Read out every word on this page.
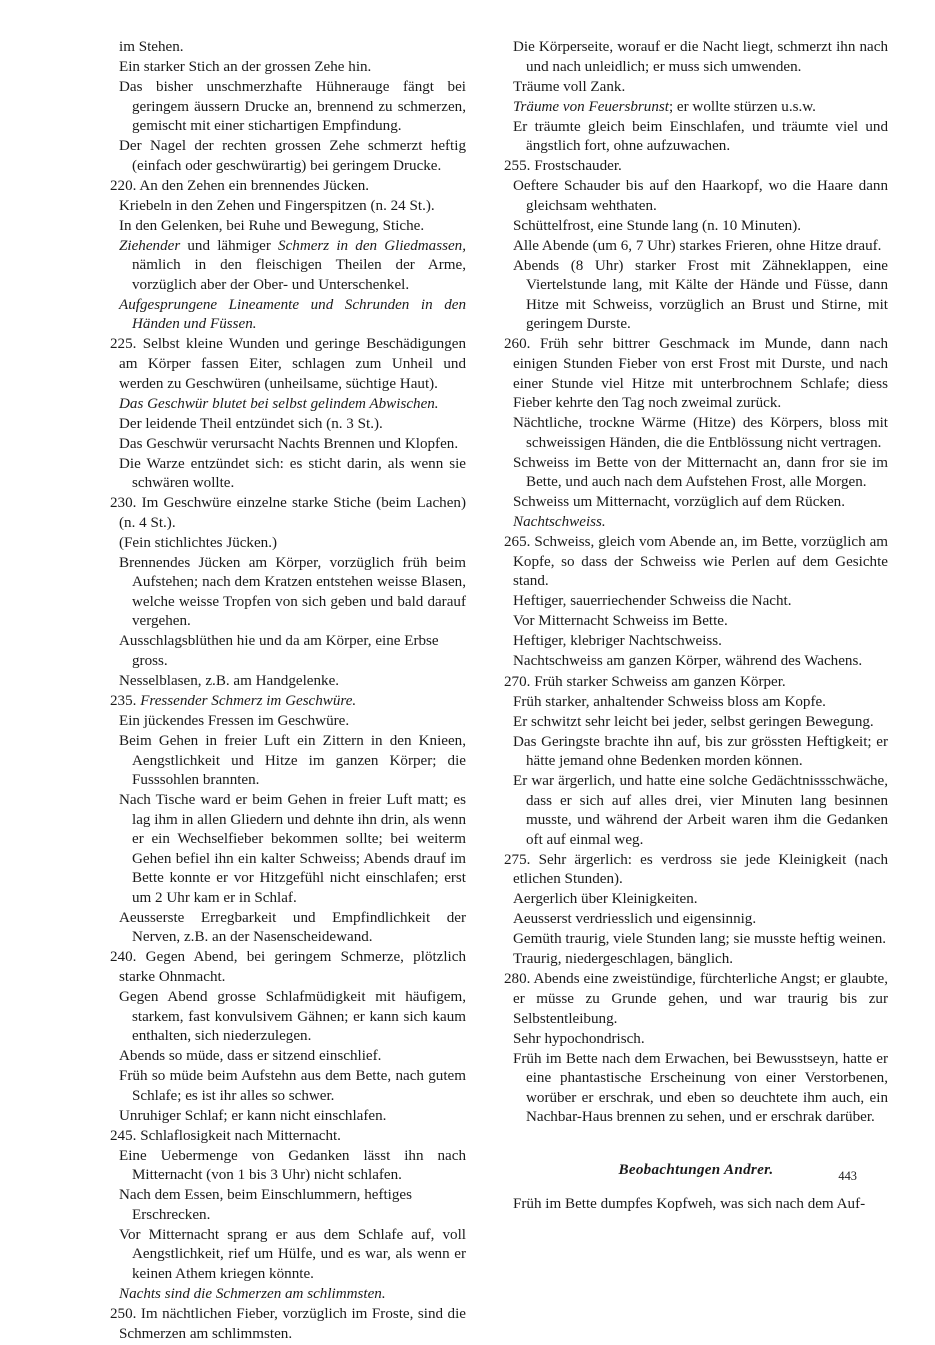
im Stehen.

Ein starker Stich an der grossen Zehe hin.

Das bisher unschmerzhafte Hühnerauge fängt bei geringem äussern Drucke an, brennend zu schmerzen, gemischt mit einer stichartigen Empfindung.

Der Nagel der rechten grossen Zehe schmerzt heftig (einfach oder geschwürartig) bei geringem Drucke.

220. An den Zehen ein brennendes Jücken.

Kriebeln in den Zehen und Fingerspitzen (n. 24 St.).

In den Gelenken, bei Ruhe und Bewegung, Stiche.

Ziehender und lähmiger Schmerz in den Gliedmassen, nämlich in den fleischigen Theilen der Arme, vorzüglich aber der Ober- und Unterschenkel.

Aufgesprungene Lineamente und Schrunden in den Händen und Füssen.

225. Selbst kleine Wunden und geringe Beschädigungen am Körper fassen Eiter, schlagen zum Unheil und werden zu Geschwüren (unheilsame, süchtige Haut).

Das Geschwür blutet bei selbst gelindem Abwischen.

Der leidende Theil entzündet sich (n. 3 St.).

Das Geschwür verursacht Nachts Brennen und Klopfen.

Die Warze entzündet sich: es sticht darin, als wenn sie schwären wollte.

230. Im Geschwüre einzelne starke Stiche (beim Lachen) (n. 4 St.).

(Fein stichlichtes Jücken.)

Brennendes Jücken am Körper, vorzüglich früh beim Aufstehen; nach dem Kratzen entstehen weisse Blasen, welche weisse Tropfen von sich geben und bald darauf vergehen.

Ausschlagsblüthen hie und da am Körper, eine Erbse gross.

Nesselblasen, z.B. am Handgelenke.

235. Fressender Schmerz im Geschwüre.

Ein jückendes Fressen im Geschwüre.

Beim Gehen in freier Luft ein Zittern in den Knieen, Aengstlichkeit und Hitze im ganzen Körper; die Fusssohlen brannten.

Nach Tische ward er beim Gehen in freier Luft matt; es lag ihm in allen Gliedern und dehnte ihn drin, als wenn er ein Wechselfieber bekommen sollte; bei weiterm Gehen befiel ihn ein kalter Schweiss; Abends drauf im Bette konnte er vor Hitzgefühl nicht einschlafen; erst um 2 Uhr kam er in Schlaf.

Aeusserste Erregbarkeit und Empfindlichkeit der Nerven, z.B. an der Nasenscheidewand.

240. Gegen Abend, bei geringem Schmerze, plötzlich starke Ohnmacht.

Gegen Abend grosse Schlafmüdigkeit mit häufigem, starkem, fast konvulsivem Gähnen; er kann sich kaum enthalten, sich niederzulegen.

Abends so müde, dass er sitzend einschlief.

Früh so müde beim Aufstehn aus dem Bette, nach gutem Schlafe; es ist ihr alles so schwer.

Unruhiger Schlaf; er kann nicht einschlafen.

245. Schlaflosigkeit nach Mitternacht.

Eine Uebermenge von Gedanken lässt ihn nach Mitternacht (von 1 bis 3 Uhr) nicht schlafen.

Nach dem Essen, beim Einschlummern, heftiges Erschrecken.

Vor Mitternacht sprang er aus dem Schlafe auf, voll Aengstlichkeit, rief um Hülfe, und es war, als wenn er keinen Athem kriegen könnte.

Nachts sind die Schmerzen am schlimmsten.

250. Im nächtlichen Fieber, vorzüglich im Froste, sind die Schmerzen am schlimmsten.

Die Körperseite, worauf er die Nacht liegt, schmerzt ihn nach und nach unleidlich; er muss sich umwenden.

Träume voll Zank.

Träume von Feuersbrunst; er wollte stürzen u.s.w.

Er träumte gleich beim Einschlafen, und träumte viel und ängstlich fort, ohne aufzuwachen.

255. Frostschauder.

Oeftere Schauder bis auf den Haarkopf, wo die Haare dann gleichsam wehthaten.

Schüttelfrost, eine Stunde lang (n. 10 Minuten).

Alle Abende (um 6, 7 Uhr) starkes Frieren, ohne Hitze drauf.

Abends (8 Uhr) starker Frost mit Zähneklappen, eine Viertelstunde lang, mit Kälte der Hände und Füsse, dann Hitze mit Schweiss, vorzüglich an Brust und Stirne, mit geringem Durste.

260. Früh sehr bittrer Geschmack im Munde, dann nach einigen Stunden Fieber von erst Frost mit Durste, und nach einer Stunde viel Hitze mit unterbrochnem Schlafe; diess Fieber kehrte den Tag noch zweimal zurück.

Nächtliche, trockne Wärme (Hitze) des Körpers, bloss mit schweissigen Händen, die die Entblössung nicht vertragen.

Schweiss im Bette von der Mitternacht an, dann fror sie im Bette, und auch nach dem Aufstehen Frost, alle Morgen.

Schweiss um Mitternacht, vorzüglich auf dem Rücken.

Nachtschweiss.

265. Schweiss, gleich vom Abende an, im Bette, vorzüglich am Kopfe, so dass der Schweiss wie Perlen auf dem Gesichte stand.

Heftiger, sauerriechender Schweiss die Nacht.

Vor Mitternacht Schweiss im Bette.

Heftiger, klebriger Nachtschweiss.

Nachtschweiss am ganzen Körper, während des Wachens.

270. Früh starker Schweiss am ganzen Körper.

Früh starker, anhaltender Schweiss bloss am Kopfe.

Er schwitzt sehr leicht bei jeder, selbst geringen Bewegung.

Das Geringste brachte ihn auf, bis zur grössten Heftigkeit; er hätte jemand ohne Bedenken morden können.

Er war ärgerlich, und hatte eine solche Gedächtnissschwäche, dass er sich auf alles drei, vier Minuten lang besinnen musste, und während der Arbeit waren ihm die Gedanken oft auf einmal weg.

275. Sehr ärgerlich: es verdross sie jede Kleinigkeit (nach etlichen Stunden).

Aergerlich über Kleinigkeiten.

Aeusserst verdriesslich und eigensinnig.

Gemüth traurig, viele Stunden lang; sie musste heftig weinen.

Traurig, niedergeschlagen, bänglich.

280. Abends eine zweistündige, fürchterliche Angst; er glaubte, er müsse zu Grunde gehen, und war traurig bis zur Selbstentleibung.

Sehr hypochondrisch.

Früh im Bette nach dem Erwachen, bei Bewusstseyn, hatte er eine phantastische Erscheinung von einer Verstorbenen, worüber er erschrak, und eben so deuchtete ihm auch, ein Nachbar-Haus brennen zu sehen, und er erschrak darüber.

Beobachtungen Andrer.

Früh im Bette dumpfes Kopfweh, was sich nach dem Auf-

443
